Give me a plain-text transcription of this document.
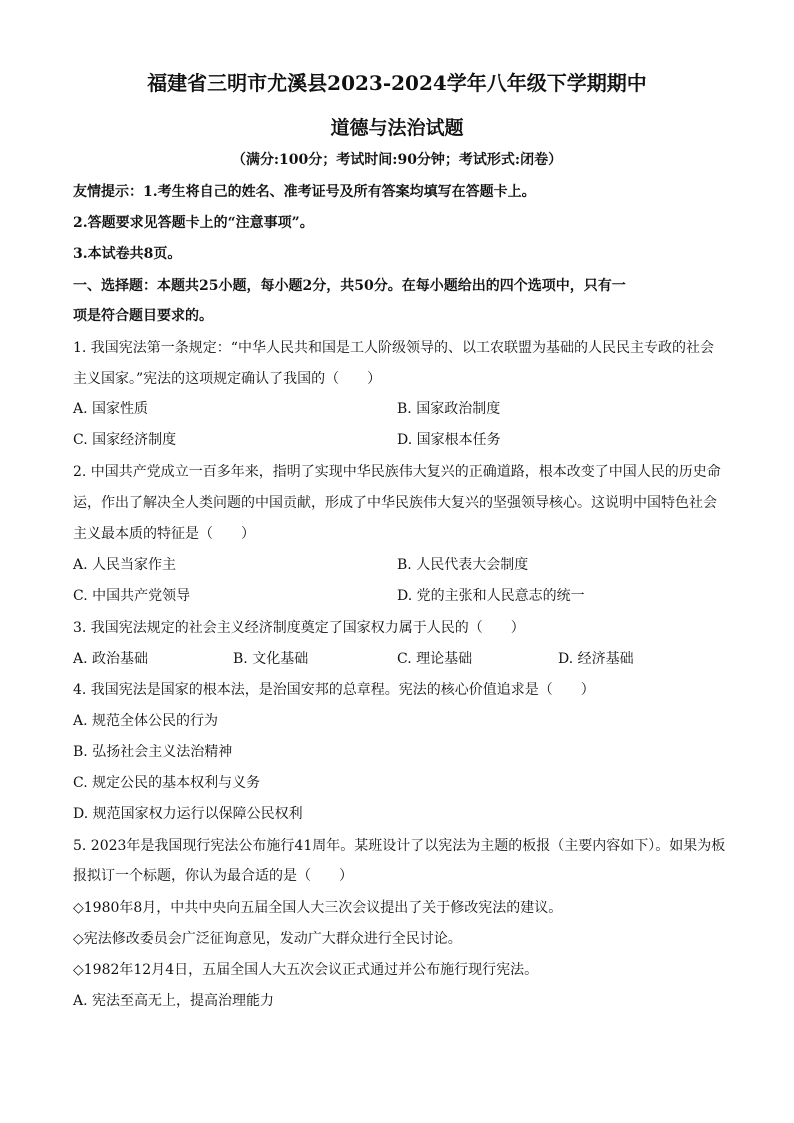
福建省三明市尤溪县2023-2024学年八年级下学期期中
道德与法治试题
（满分:100分；考试时间:90分钟；考试形式:闭卷）
友情提示：1.考生将自己的姓名、准考证号及所有答案均填写在答题卡上。
2.答题要求见答题卡上的“注意事项”。
3.本试卷共8页。
一、选择题：本题共25小题，每小题2分，共50分。在每小题给出的四个选项中，只有一
项是符合题目要求的。
1. 我国宪法第一条规定：“中华人民共和国是工人阶级领导的、以工农联盟为基础的人民民主专政的社会
主义国家。”宪法的这项规定确认了我国的（　　）
A. 国家性质	B. 国家政治制度
C. 国家经济制度	D. 国家根本任务
2. 中国共产党成立一百多年来，指明了实现中华民族伟大复兴的正确道路，根本改变了中国人民的历史命
运，作出了解决全人类问题的中国贡献，形成了中华民族伟大复兴的坚强领导核心。这说明中国特色社会
主义最本质的特征是（　　）
A. 人民当家作主	B. 人民代表大会制度
C. 中国共产党领导	D. 党的主张和人民意志的统一
3. 我国宪法规定的社会主义经济制度奠定了国家权力属于人民的（　　）
A. 政治基础	B. 文化基础	C. 理论基础	D. 经济基础
4. 我国宪法是国家的根本法，是治国安邦的总章程。宪法的核心价值追求是（　　）
A. 规范全体公民的行为
B. 弘扬社会主义法治精神
C. 规定公民的基本权利与义务
D. 规范国家权力运行以保障公民权利
5. 2023年是我国现行宪法公布施行41周年。某班设计了以宪法为主题的板报（主要内容如下）。如果为板
报拟订一个标题，你认为最合适的是（　　）
◇1980年8月，中共中央向五届全国人大三次会议提出了关于修改宪法的建议。
◇宪法修改委员会广泛征询意见，发动广大群众进行全民讨论。
◇1982年12月4日，五届全国人大五次会议正式通过并公布施行现行宪法。
A. 宪法至高无上，提高治理能力
